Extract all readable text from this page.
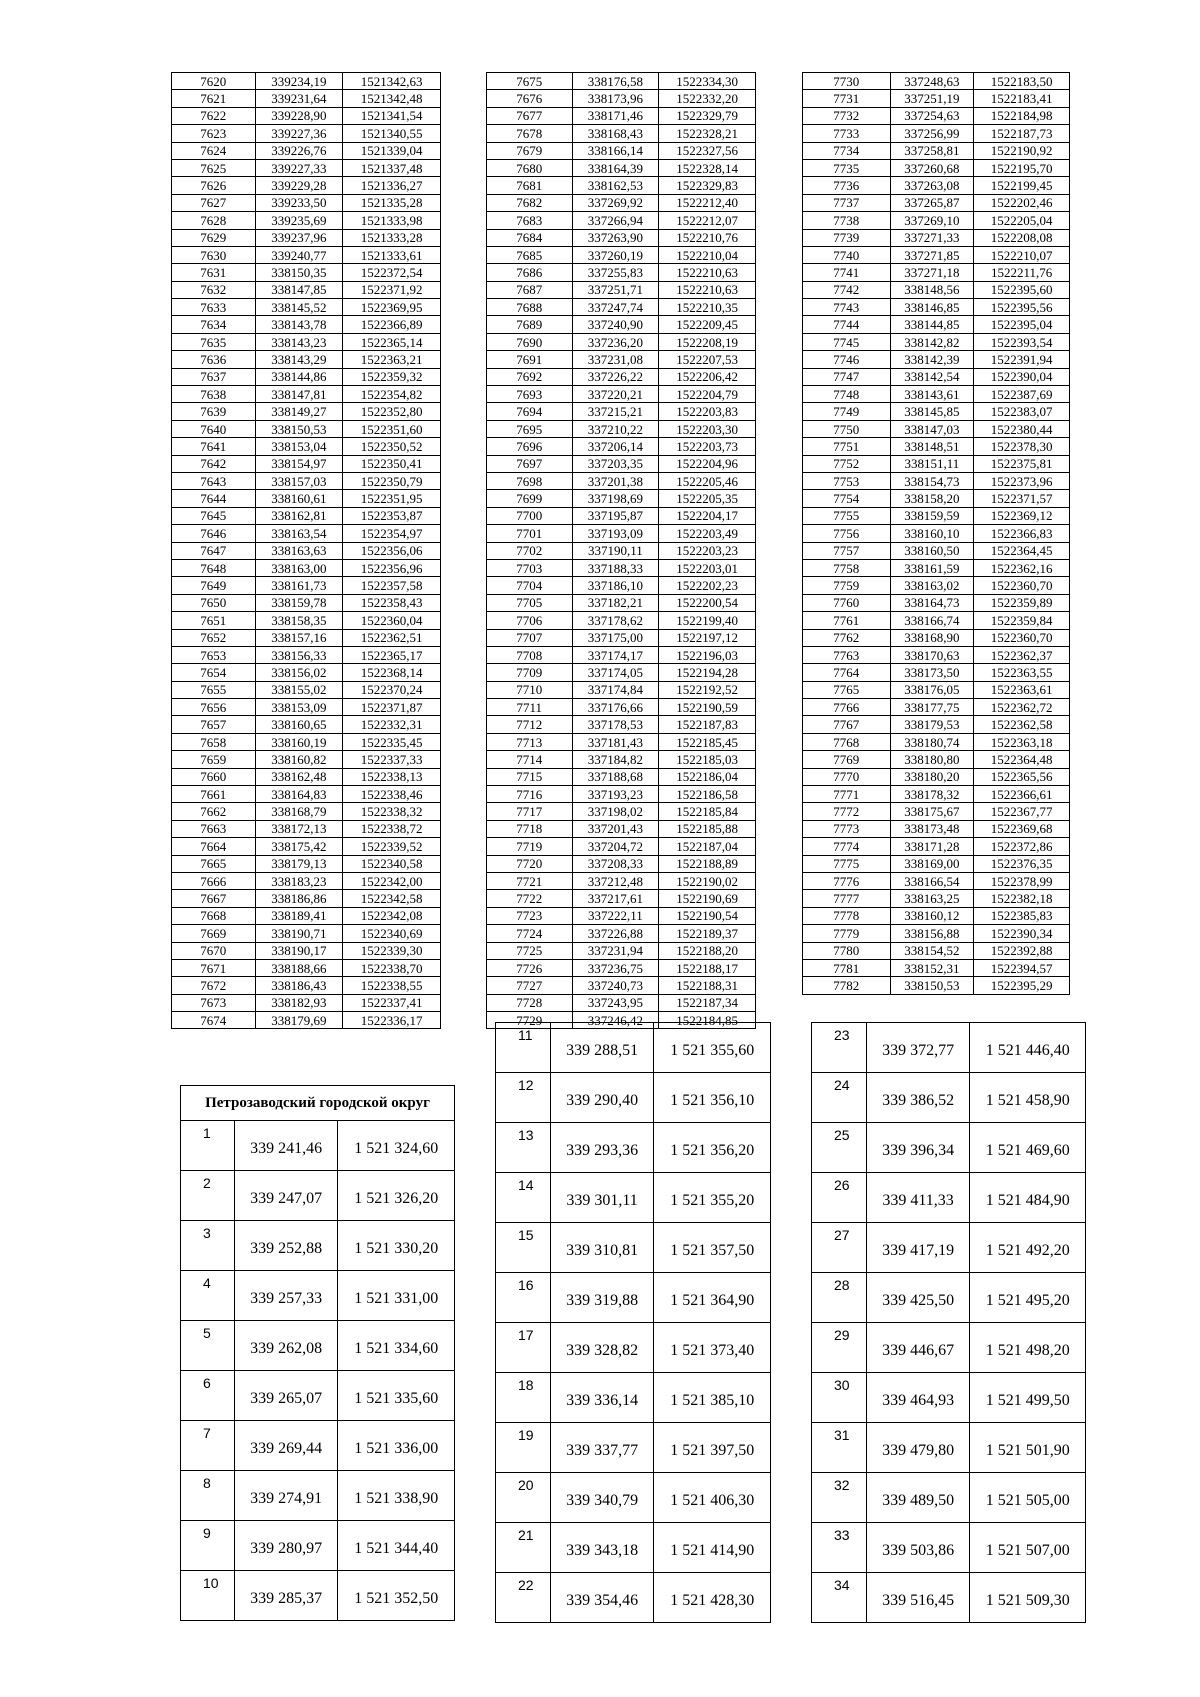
7620	339234,19	1521342,63
7621	339231,64	1521342,48
7622	339228,90	1521341,54
7623	339227,36	1521340,55
7624	339226,76	1521339,04
7625	339227,33	1521337,48
7626	339229,28	1521336,27
7627	339233,50	1521335,28
7628	339235,69	1521333,98
7629	339237,96	1521333,28
7630	339240,77	1521333,61
7631	338150,35	1522372,54
7632	338147,85	1522371,92
7633	338145,52	1522369,95
7634	338143,78	1522366,89
7635	338143,23	1522365,14
7636	338143,29	1522363,21
7637	338144,86	1522359,32
7638	338147,81	1522354,82
7639	338149,27	1522352,80
7640	338150,53	1522351,60
7641	338153,04	1522350,52
7642	338154,97	1522350,41
7643	338157,03	1522350,79
7644	338160,61	1522351,95
7645	338162,81	1522353,87
7646	338163,54	1522354,97
7647	338163,63	1522356,06
7648	338163,00	1522356,96
7649	338161,73	1522357,58
7650	338159,78	1522358,43
7651	338158,35	1522360,04
7652	338157,16	1522362,51
7653	338156,33	1522365,17
7654	338156,02	1522368,14
7655	338155,02	1522370,24
7656	338153,09	1522371,87
7657	338160,65	1522332,31
7658	338160,19	1522335,45
7659	338160,82	1522337,33
7660	338162,48	1522338,13
7661	338164,83	1522338,46
7662	338168,79	1522338,32
7663	338172,13	1522338,72
7664	338175,42	1522339,52
7665	338179,13	1522340,58
7666	338183,23	1522342,00
7667	338186,86	1522342,58
7668	338189,41	1522342,08
7669	338190,71	1522340,69
7670	338190,17	1522339,30
7671	338188,66	1522338,70
7672	338186,43	1522338,55
7673	338182,93	1522337,41
7674	338179,69	1522336,17
7675	338176,58	1522334,30
7676	338173,96	1522332,20
7677	338171,46	1522329,79
7678	338168,43	1522328,21
7679	338166,14	1522327,56
7680	338164,39	1522328,14
7681	338162,53	1522329,83
7682	337269,92	1522212,40
7683	337266,94	1522212,07
7684	337263,90	1522210,76
7685	337260,19	1522210,04
7686	337255,83	1522210,63
7687	337251,71	1522210,63
7688	337247,74	1522210,35
7689	337240,90	1522209,45
7690	337236,20	1522208,19
7691	337231,08	1522207,53
7692	337226,22	1522206,42
7693	337220,21	1522204,79
7694	337215,21	1522203,83
7695	337210,22	1522203,30
7696	337206,14	1522203,73
7697	337203,35	1522204,96
7698	337201,38	1522205,46
7699	337198,69	1522205,35
7700	337195,87	1522204,17
7701	337193,09	1522203,49
7702	337190,11	1522203,23
7703	337188,33	1522203,01
7704	337186,10	1522202,23
7705	337182,21	1522200,54
7706	337178,62	1522199,40
7707	337175,00	1522197,12
7708	337174,17	1522196,03
7709	337174,05	1522194,28
7710	337174,84	1522192,52
7711	337176,66	1522190,59
7712	337178,53	1522187,83
7713	337181,43	1522185,45
7714	337184,82	1522185,03
7715	337188,68	1522186,04
7716	337193,23	1522186,58
7717	337198,02	1522185,84
7718	337201,43	1522185,88
7719	337204,72	1522187,04
7720	337208,33	1522188,89
7721	337212,48	1522190,02
7722	337217,61	1522190,69
7723	337222,11	1522190,54
7724	337226,88	1522189,37
7725	337231,94	1522188,20
7726	337236,75	1522188,17
7727	337240,73	1522188,31
7728	337243,95	1522187,34
7729	337246,42	1522184,85
7730	337248,63	1522183,50
7731	337251,19	1522183,41
7732	337254,63	1522184,98
7733	337256,99	1522187,73
7734	337258,81	1522190,92
7735	337260,68	1522195,70
7736	337263,08	1522199,45
7737	337265,87	1522202,46
7738	337269,10	1522205,04
7739	337271,33	1522208,08
7740	337271,85	1522210,07
7741	337271,18	1522211,76
7742	338148,56	1522395,60
7743	338146,85	1522395,56
7744	338144,85	1522395,04
7745	338142,82	1522393,54
7746	338142,39	1522391,94
7747	338142,54	1522390,04
7748	338143,61	1522387,69
7749	338145,85	1522383,07
7750	338147,03	1522380,44
7751	338148,51	1522378,30
7752	338151,11	1522375,81
7753	338154,73	1522373,96
7754	338158,20	1522371,57
7755	338159,59	1522369,12
7756	338160,10	1522366,83
7757	338160,50	1522364,45
7758	338161,59	1522362,16
7759	338163,02	1522360,70
7760	338164,73	1522359,89
7761	338166,74	1522359,84
7762	338168,90	1522360,70
7763	338170,63	1522362,37
7764	338173,50	1522363,55
7765	338176,05	1522363,61
7766	338177,75	1522362,72
7767	338179,53	1522362,58
7768	338180,74	1522363,18
7769	338180,80	1522364,48
7770	338180,20	1522365,56
7771	338178,32	1522366,61
7772	338175,67	1522367,77
7773	338173,48	1522369,68
7774	338171,28	1522372,86
7775	338169,00	1522376,35
7776	338166,54	1522378,99
7777	338163,25	1522382,18
7778	338160,12	1522385,83
7779	338156,88	1522390,34
7780	338154,52	1522392,88
7781	338152,31	1522394,57
7782	338150,53	1522395,29
Петрозаводский городской округ		
1	339 241,46	1 521 324,60
2	339 247,07	1 521 326,20
3	339 252,88	1 521 330,20
4	339 257,33	1 521 331,00
5	339 262,08	1 521 334,60
6	339 265,07	1 521 335,60
7	339 269,44	1 521 336,00
8	339 274,91	1 521 338,90
9	339 280,97	1 521 344,40
10	339 285,37	1 521 352,50
11	339 288,51	1 521 355,60
12	339 290,40	1 521 356,10
13	339 293,36	1 521 356,20
14	339 301,11	1 521 355,20
15	339 310,81	1 521 357,50
16	339 319,88	1 521 364,90
17	339 328,82	1 521 373,40
18	339 336,14	1 521 385,10
19	339 337,77	1 521 397,50
20	339 340,79	1 521 406,30
21	339 343,18	1 521 414,90
22	339 354,46	1 521 428,30
23	339 372,77	1 521 446,40
24	339 386,52	1 521 458,90
25	339 396,34	1 521 469,60
26	339 411,33	1 521 484,90
27	339 417,19	1 521 492,20
28	339 425,50	1 521 495,20
29	339 446,67	1 521 498,20
30	339 464,93	1 521 499,50
31	339 479,80	1 521 501,90
32	339 489,50	1 521 505,00
33	339 503,86	1 521 507,00
34	339 516,45	1 521 509,30
